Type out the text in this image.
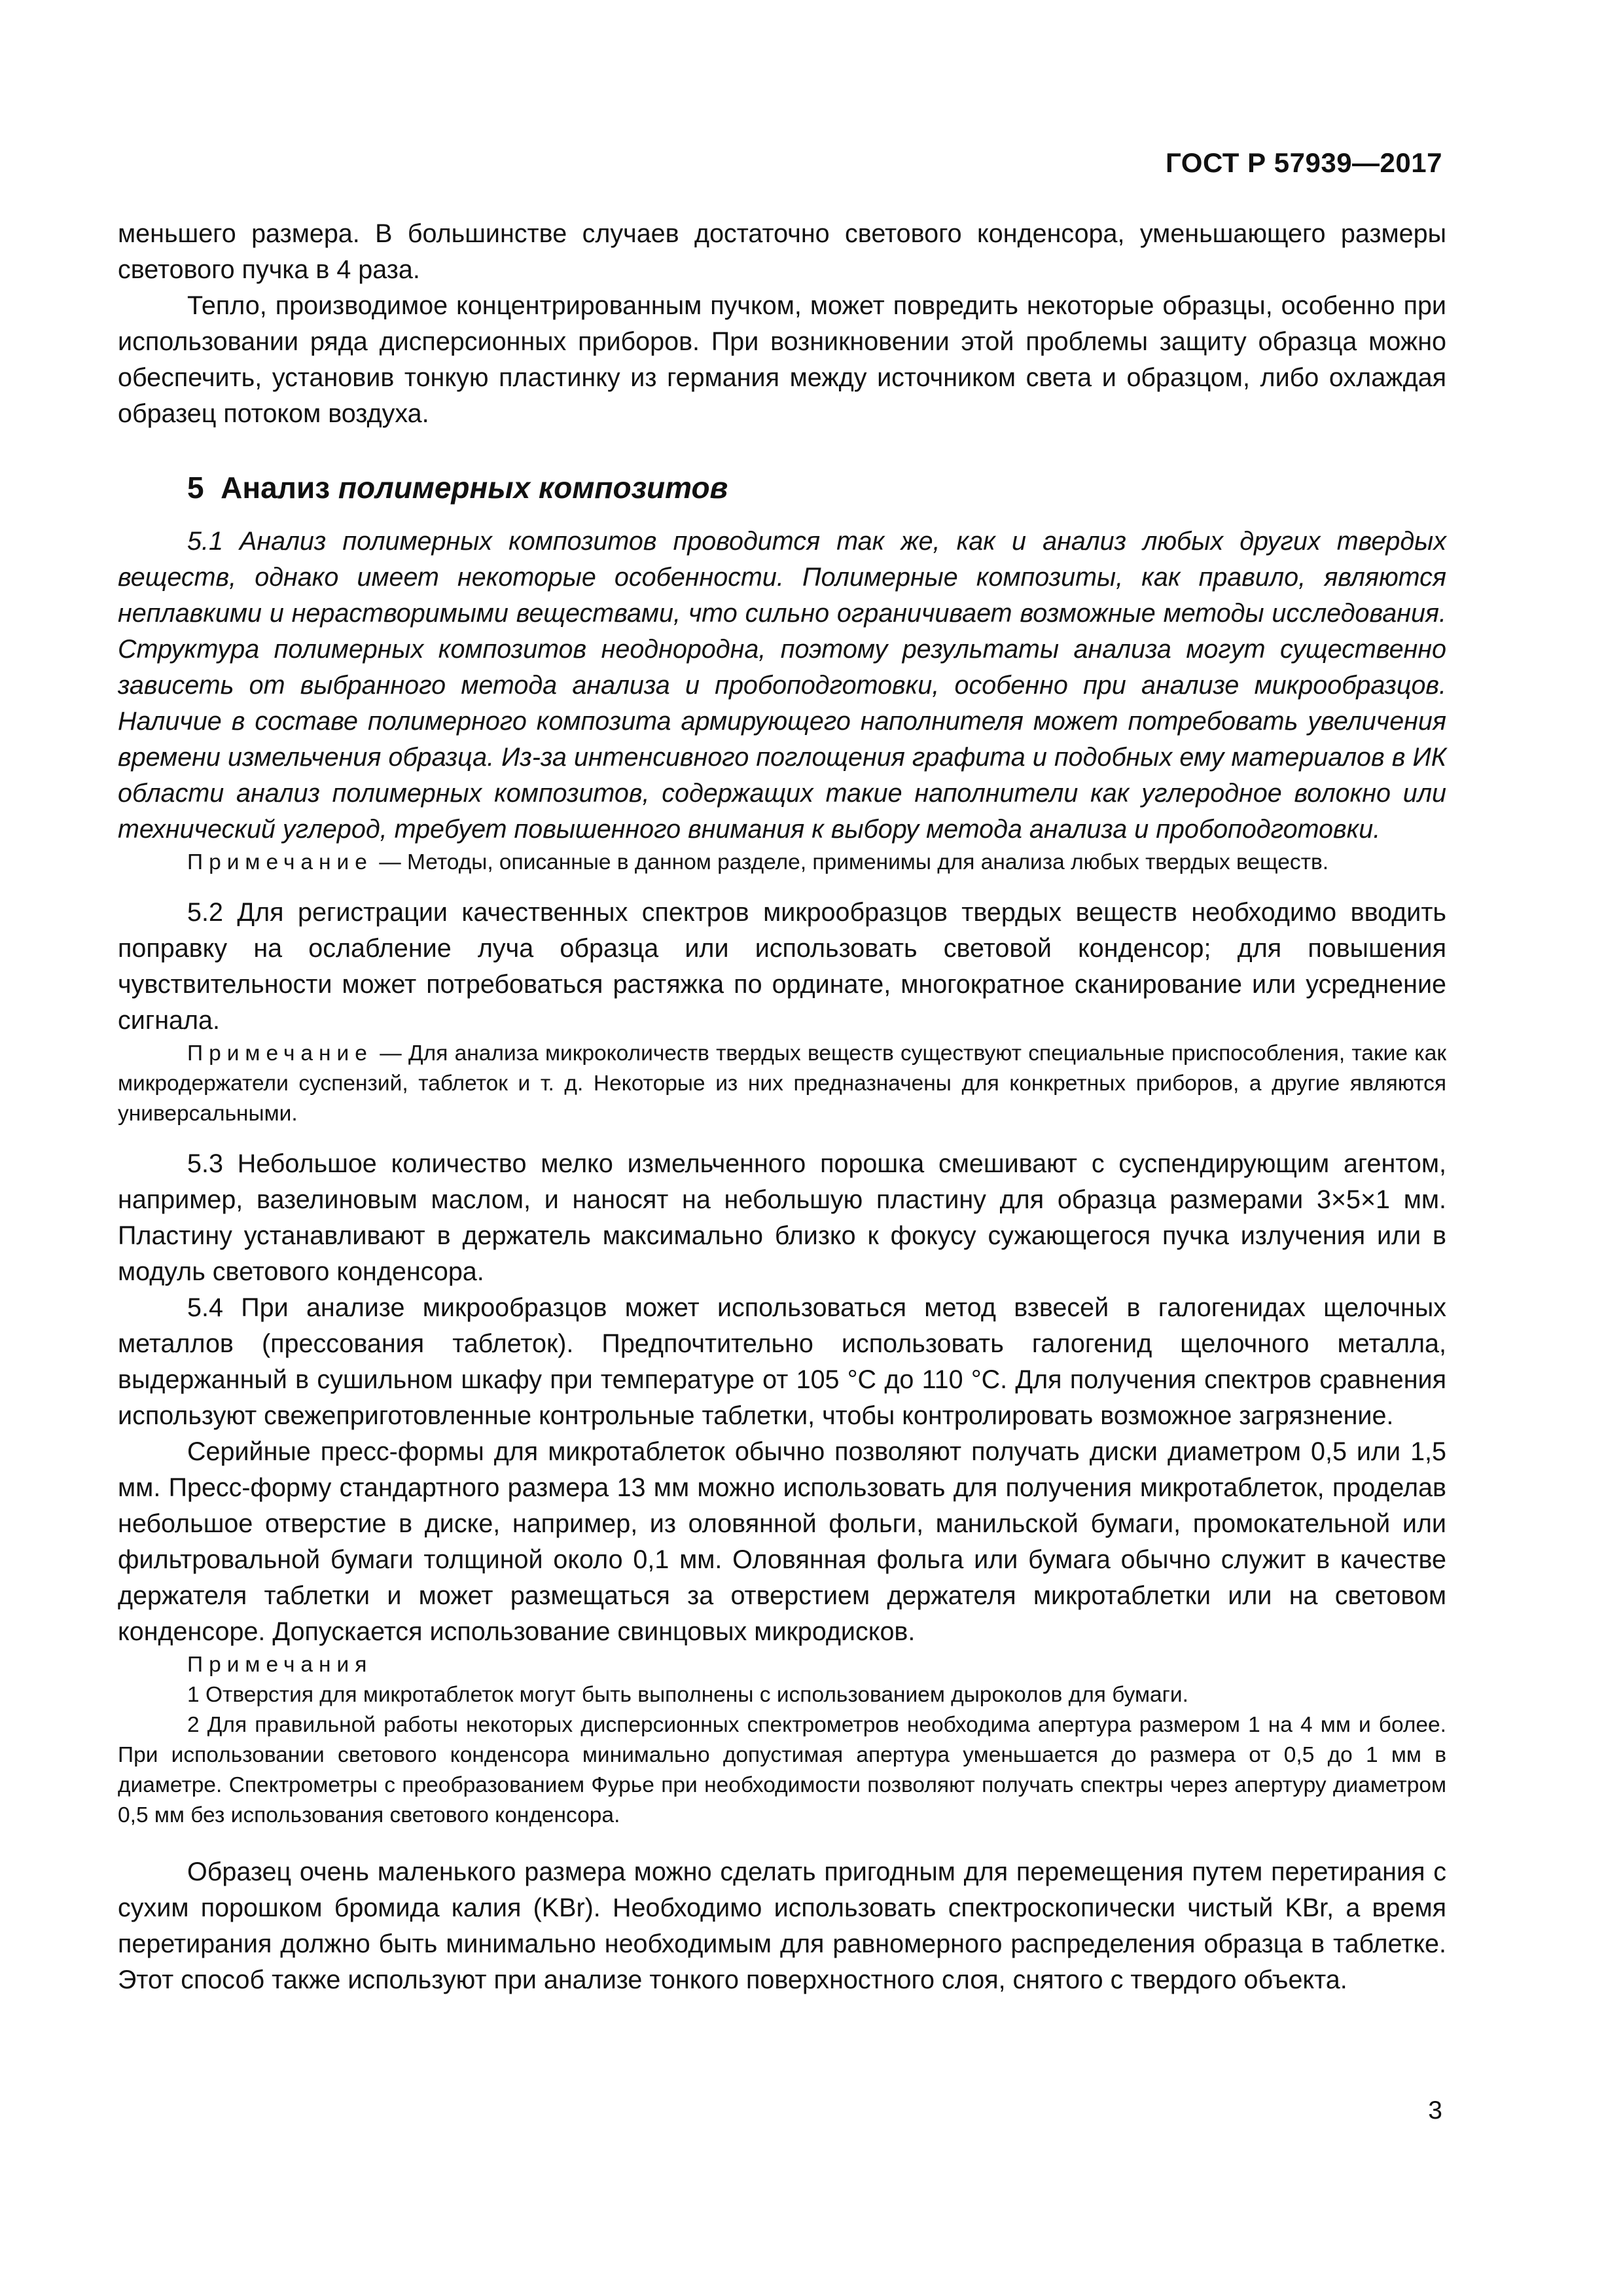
ГОСТ Р 57939—2017

меньшего размера. В большинстве случаев достаточно светового конденсора, уменьшающего размеры светового пучка в 4 раза.

Тепло, производимое концентрированным пучком, может повредить некоторые образцы, особенно при использовании ряда дисперсионных приборов. При возникновении этой проблемы защиту образца можно обеспечить, установив тонкую пластинку из германия между источником света и образцом, либо охлаждая образец потоком воздуха.

5 Анализ полимерных композитов

5.1 Анализ полимерных композитов проводится так же, как и анализ любых других твердых веществ, однако имеет некоторые особенности. Полимерные композиты, как правило, являются неплавкими и нерастворимыми веществами, что сильно ограничивает возможные методы исследования. Структура полимерных композитов неоднородна, поэтому результаты анализа могут существенно зависеть от выбранного метода анализа и пробоподготовки, особенно при анализе микрообразцов. Наличие в составе полимерного композита армирующего наполнителя может потребовать увеличения времени измельчения образца. Из-за интенсивного поглощения графита и подобных ему материалов в ИК области анализ полимерных композитов, содержащих такие наполнители как углеродное волокно или технический углерод, требует повышенного внимания к выбору метода анализа и пробоподготовки.

Примечание — Методы, описанные в данном разделе, применимы для анализа любых твердых веществ.

5.2 Для регистрации качественных спектров микрообразцов твердых веществ необходимо вводить поправку на ослабление луча образца или использовать световой конденсор; для повышения чувствительности может потребоваться растяжка по ординате, многократное сканирование или усреднение сигнала.

Примечание — Для анализа микроколичеств твердых веществ существуют специальные приспособления, такие как микродержатели суспензий, таблеток и т. д. Некоторые из них предназначены для конкретных приборов, а другие являются универсальными.

5.3 Небольшое количество мелко измельченного порошка смешивают с суспендирующим агентом, например, вазелиновым маслом, и наносят на небольшую пластину для образца размерами 3×5×1 мм. Пластину устанавливают в держатель максимально близко к фокусу сужающегося пучка излучения или в модуль светового конденсора.

5.4 При анализе микрообразцов может использоваться метод взвесей в галогенидах щелочных металлов (прессования таблеток). Предпочтительно использовать галогенид щелочного металла, выдержанный в сушильном шкафу при температуре от 105 °С до 110 °С. Для получения спектров сравнения используют свежеприготовленные контрольные таблетки, чтобы контролировать возможное загрязнение.

Серийные пресс-формы для микротаблеток обычно позволяют получать диски диаметром 0,5 или 1,5 мм. Пресс-форму стандартного размера 13 мм можно использовать для получения микротаблеток, проделав небольшое отверстие в диске, например, из оловянной фольги, манильской бумаги, промокательной или фильтровальной бумаги толщиной около 0,1 мм. Оловянная фольга или бумага обычно служит в качестве держателя таблетки и может размещаться за отверстием держателя микротаблетки или на световом конденсоре. Допускается использование свинцовых микродисков.

Примечания

1 Отверстия для микротаблеток могут быть выполнены с использованием дыроколов для бумаги.

2 Для правильной работы некоторых дисперсионных спектрометров необходима апертура размером 1 на 4 мм и более. При использовании светового конденсора минимально допустимая апертура уменьшается до размера от 0,5 до 1 мм в диаметре. Спектрометры с преобразованием Фурье при необходимости позволяют получать спектры через апертуру диаметром 0,5 мм без использования светового конденсора.

Образец очень маленького размера можно сделать пригодным для перемещения путем перетирания с сухим порошком бромида калия (KBr). Необходимо использовать спектроскопически чистый KBr, а время перетирания должно быть минимально необходимым для равномерного распределения образца в таблетке. Этот способ также используют при анализе тонкого поверхностного слоя, снятого с твердого объекта.

3
